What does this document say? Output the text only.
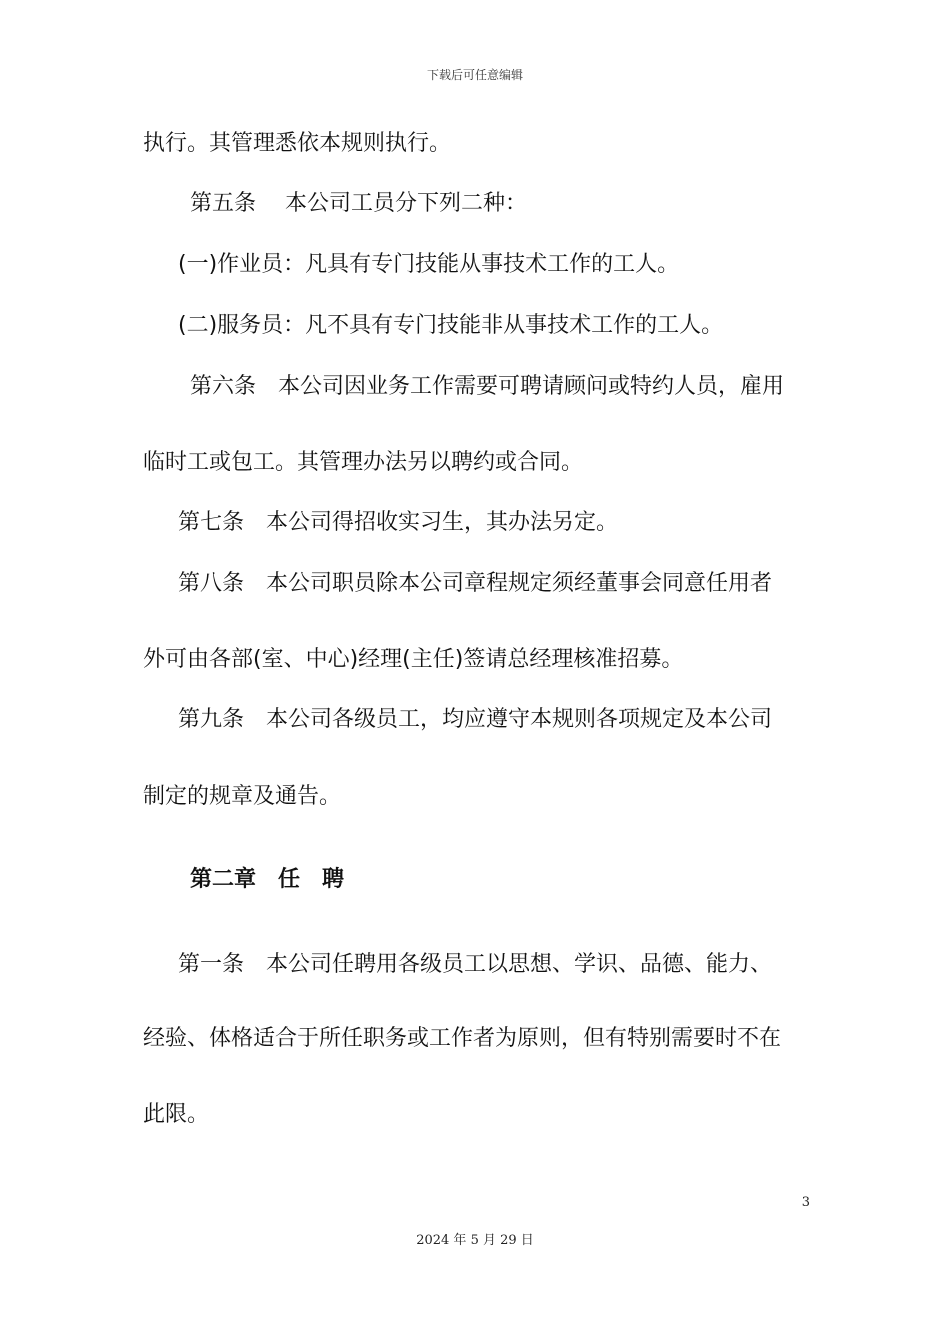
下载后可任意编辑
执行。其管理悉依本规则执行。
第五条　 本公司工员分下列二种：
(一)作业员：凡具有专门技能从事技术工作的工人。
(二)服务员：凡不具有专门技能非从事技术工作的工人。
第六条　本公司因业务工作需要可聘请顾问或特约人员，雇用
临时工或包工。其管理办法另以聘约或合同。
第七条　本公司得招收实习生，其办法另定。
第八条　本公司职员除本公司章程规定须经董事会同意任用者
外可由各部(室、中心)经理(主任)签请总经理核准招募。
第九条　本公司各级员工，均应遵守本规则各项规定及本公司
制定的规章及通告。
第二章　任　聘
第一条　本公司任聘用各级员工以思想、学识、品德、能力、
经验、体格适合于所任职务或工作者为原则，但有特别需要时不在
此限。
3
2024 年 5 月 29 日
